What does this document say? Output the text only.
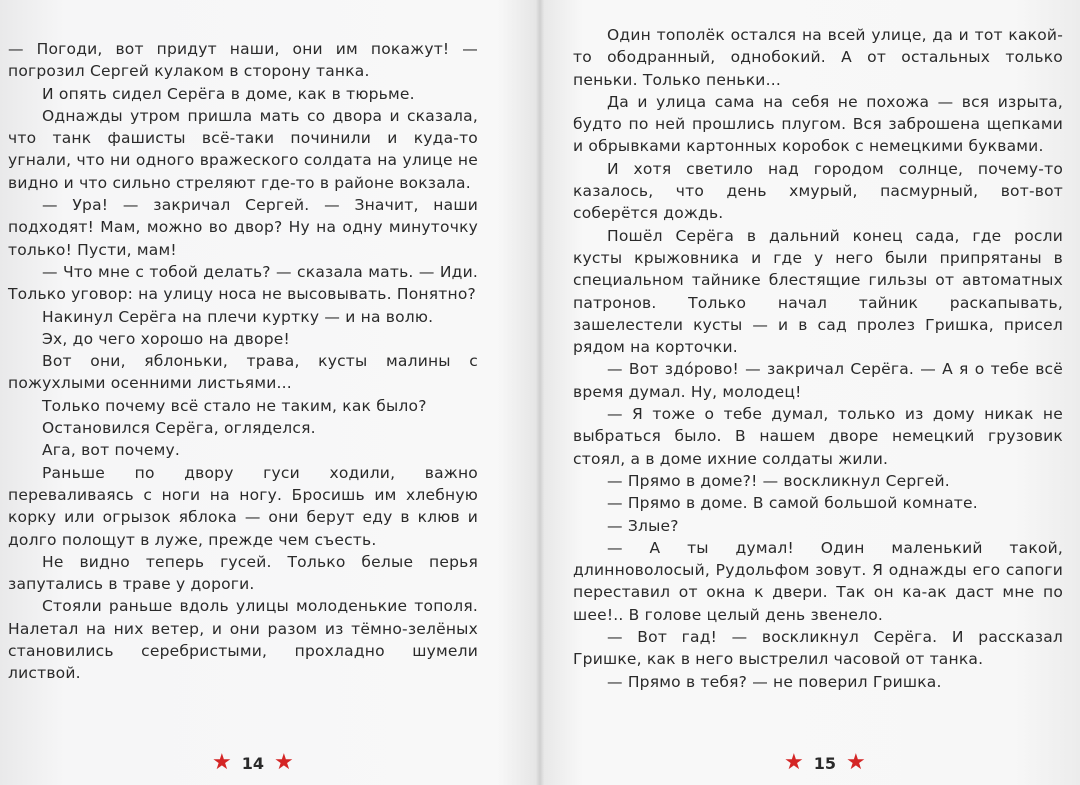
— Погоди, вот придут наши, они им покажут! — погрозил Сергей кулаком в сторону танка.

И опять сидел Серёга в доме, как в тюрьме.

Однажды утром пришла мать со двора и сказала, что танк фашисты всё-таки починили и куда-то угнали, что ни одного вражеского солдата на улице не видно и что сильно стреляют где-то в районе вокзала.

— Ура! — закричал Сергей. — Значит, наши подходят! Мам, можно во двор? Ну на одну минуточку только! Пусти, мам!

— Что мне с тобой делать? — сказала мать. — Иди. Только уговор: на улицу носа не высовывать. Понятно?

Накинул Серёга на плечи куртку — и на волю.

Эх, до чего хорошо на дворе!

Вот они, яблоньки, трава, кусты малины с пожухлыми осенними листьями...

Только почему всё стало не таким, как было?

Остановился Серёга, огляделся.

Ага, вот почему.

Раньше по двору гуси ходили, важно переваливаясь с ноги на ногу. Бросишь им хлебную корку или огрызок яблока — они берут еду в клюв и долго полощут в луже, прежде чем съесть.

Не видно теперь гусей. Только белые перья запутались в траве у дороги.

Стояли раньше вдоль улицы молоденькие тополя. Налетал на них ветер, и они разом из тёмно-зелёных становились серебристыми, прохладно шумели листвой.

★ 14 ★

Один тополёк остался на всей улице, да и тот какой-то ободранный, однобокий. А от остальных только пеньки. Только пеньки...

Да и улица сама на себя не похожа — вся изрыта, будто по ней прошлись плугом. Вся заброшена щепками и обрывками картонных коробок с немецкими буквами.

И хотя светило над городом солнце, почему-то казалось, что день хмурый, пасмурный, вот-вот соберётся дождь.

Пошёл Серёга в дальний конец сада, где росли кусты крыжовника и где у него были припрятаны в специальном тайнике блестящие гильзы от автоматных патронов. Только начал тайник раскапывать, зашелестели кусты — и в сад пролез Гришка, присел рядом на корточки.

— Вот здо́рово! — закричал Серёга. — А я о тебе всё время думал. Ну, молодец!

— Я тоже о тебе думал, только из дому никак не выбраться было. В нашем дворе немецкий грузовик стоял, а в доме ихние солдаты жили.

— Прямо в доме?! — воскликнул Сергей.

— Прямо в доме. В самой большой комнате.

— Злые?

— А ты думал! Один маленький такой, длинноволосый, Рудольфом зовут. Я однажды его сапоги переставил от окна к двери. Так он ка-ак даст мне по шее!.. В голове целый день звенело.

— Вот гад! — воскликнул Серёга. И рассказал Гришке, как в него выстрелил часовой от танка.

— Прямо в тебя? — не поверил Гришка.

★ 15 ★
